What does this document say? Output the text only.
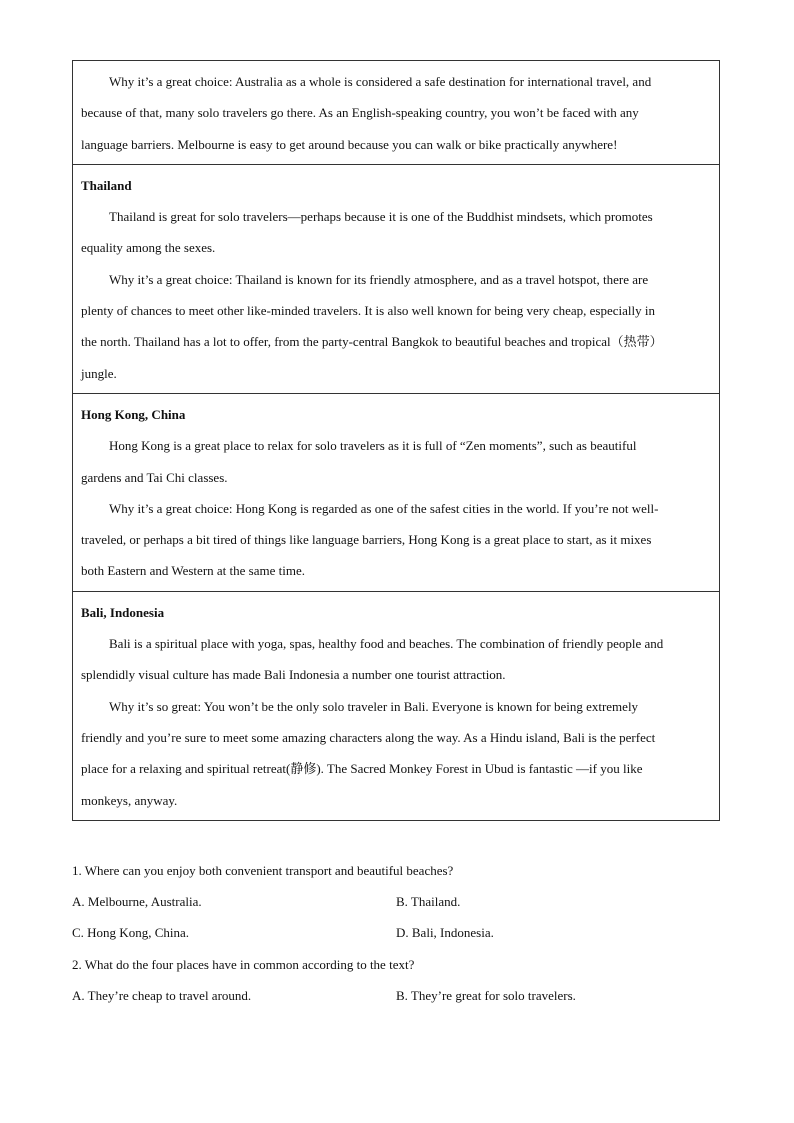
Why it’s a great choice: Australia as a whole is considered a safe destination for international travel, and

because of that, many solo travelers go there. As an English-speaking country, you won’t be faced with any

language barriers. Melbourne is easy to get around because you can walk or bike practically anywhere!

Thailand

Thailand is great for solo travelers—perhaps because it is one of the Buddhist mindsets, which promotes

equality among the sexes.

Why it’s a great choice: Thailand is known for its friendly atmosphere, and as a travel hotspot, there are

plenty of chances to meet other like-minded travelers. It is also well known for being very cheap, especially in

the north. Thailand has a lot to offer, from the party-central Bangkok to beautiful beaches and tropical（热带）

jungle.

Hong Kong, China

Hong Kong is a great place to relax for solo travelers as it is full of “Zen moments”, such as beautiful

gardens and Tai Chi classes.

Why it’s a great choice: Hong Kong is regarded as one of the safest cities in the world. If you’re not well-

traveled, or perhaps a bit tired of things like language barriers, Hong Kong is a great place to start, as it mixes

both Eastern and Western at the same time.

Bali, Indonesia

Bali is a spiritual place with yoga, spas, healthy food and beaches. The combination of friendly people and

splendidly visual culture has made Bali Indonesia a number one tourist attraction.

Why it’s so great: You won’t be the only solo traveler in Bali. Everyone is known for being extremely

friendly and you’re sure to meet some amazing characters along the way. As a Hindu island, Bali is the perfect

place for a relaxing and spiritual retreat(静修). The Sacred Monkey Forest in Ubud is fantastic —if you like

monkeys, anyway.

1. Where can you enjoy both convenient transport and beautiful beaches?

A. Melbourne, Australia.	B. Thailand.
C. Hong Kong, China.	D. Bali, Indonesia.

2. What do the four places have in common according to the text?

A. They’re cheap to travel around.	B. They’re great for solo travelers.
